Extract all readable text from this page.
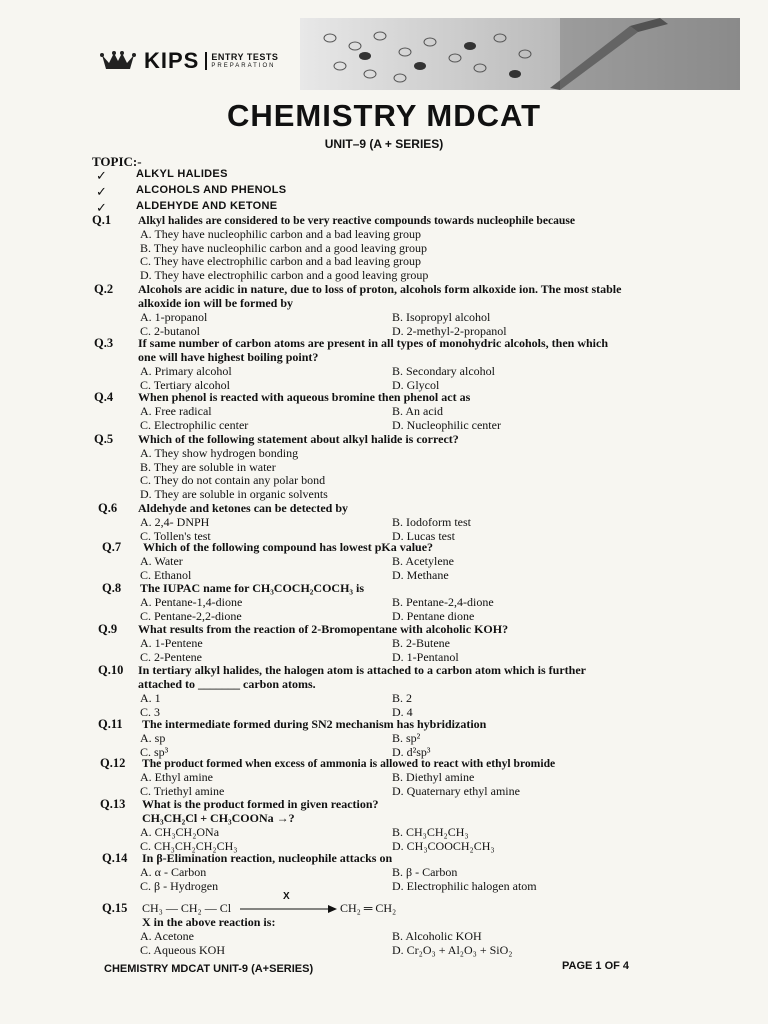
KIPS ENTRY TESTS
PREPARATION
CHEMISTRY MDCAT
UNIT–9 (A + SERIES)
TOPIC:-
✓	ALKYL HALIDES
✓	ALCOHOLS AND PHENOLS
✓	ALDEHYDE AND KETONE
Q.1 Alkyl halides are considered to be very reactive compounds towards nucleophile because
A. They have nucleophilic carbon and a bad leaving group
B. They have nucleophilic carbon and a good leaving group
C. They have electrophilic carbon and a bad leaving group
D. They have electrophilic carbon and a good leaving group
Q.2 Alcohols are acidic in nature, due to loss of proton, alcohols form alkoxide ion. The most stable alkoxide ion will be formed by
A. 1-propanol	B. Isopropyl alcohol
C. 2-butanol	D. 2-methyl-2-propanol
Q.3 If same number of carbon atoms are present in all types of monohydric alcohols, then which one will have highest boiling point?
A. Primary alcohol	B. Secondary alcohol
C. Tertiary alcohol	D. Glycol
Q.4 When phenol is reacted with aqueous bromine then phenol act as
A. Free radical	B. An acid
C. Electrophilic center	D. Nucleophilic center
Q.5 Which of the following statement about alkyl halide is correct?
A. They show hydrogen bonding
B. They are soluble in water
C. They do not contain any polar bond
D. They are soluble in organic solvents
Q.6 Aldehyde and ketones can be detected by
A. 2,4- DNPH	B. Iodoform test
C. Tollen's test	D. Lucas test
Q.7 Which of the following compound has lowest pKa value?
A. Water	B. Acetylene
C. Ethanol	D. Methane
Q.8 The IUPAC name for CH₃COCH₂COCH₃ is
A. Pentane-1,4-dione	B. Pentane-2,4-dione
C. Pentane-2,2-dione	D. Pentane dione
Q.9 What results from the reaction of 2-Bromopentane with alcoholic KOH?
A. 1-Pentene	B. 2-Butene
C. 2-Pentene	D. 1-Pentanol
Q.10 In tertiary alkyl halides, the halogen atom is attached to a carbon atom which is further attached to _______ carbon atoms.
A. 1	B. 2
C. 3	D. 4
Q.11 The intermediate formed during SN2 mechanism has hybridization
A. sp	B. sp²
C. sp³	D. d²sp³
Q.12 The product formed when excess of ammonia is allowed to react with ethyl bromide
A. Ethyl amine	B. Diethyl amine
C. Triethyl amine	D. Quaternary ethyl amine
Q.13 What is the product formed in given reaction?
CH₃CH₂Cl + CH₃COONa →?
A. CH₃CH₂ONa	B. CH₃CH₂CH₃
C. CH₃CH₂CH₂CH₃	D. CH₃COOCH₂CH₃
Q.14 In β-Elimination reaction, nucleophile attacks on
A. α - Carbon	B. β - Carbon
C. β - Hydrogen	D. Electrophilic halogen atom
Q.15 CH₃ — CH₂ — Cl
X
CH₂ ═ CH₂
X in the above reaction is:
A. Acetone	B. Alcoholic KOH
C. Aqueous KOH	D. Cr₂O₃ + Al₂O₃ + SiO₂
CHEMISTRY MDCAT UNIT-9 (A+SERIES)	PAGE 1 OF 4
